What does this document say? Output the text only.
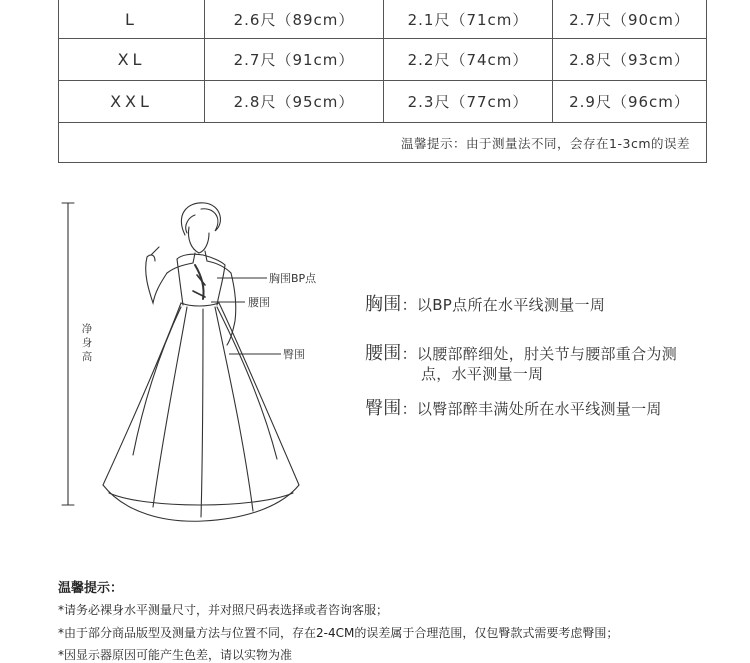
L	2.6尺（89cm）	2.1尺（71cm）	2.7尺（90cm）
XL	2.7尺（91cm）	2.2尺（74cm）	2.8尺（93cm）
XXL	2.8尺（95cm）	2.3尺（77cm）	2.9尺（96cm）
温馨提示：由于测量法不同，会存在1-3cm的误差			
胸围BP点
腰围
臀围
净
身
高
胸围：以BP点所在水平线测量一周
腰围：以腰部醉细处，肘关节与腰部重合为测
点，水平测量一周
臀围：以臀部醉丰满处所在水平线测量一周
温馨提示：
*请务必裸身水平测量尺寸，并对照尺码表选择或者咨询客服；
*由于部分商品版型及测量方法与位置不同，存在2-4CM的误差属于合理范围，仅包臀款式需要考虑臀围；
*因显示器原因可能产生色差，请以实物为准
